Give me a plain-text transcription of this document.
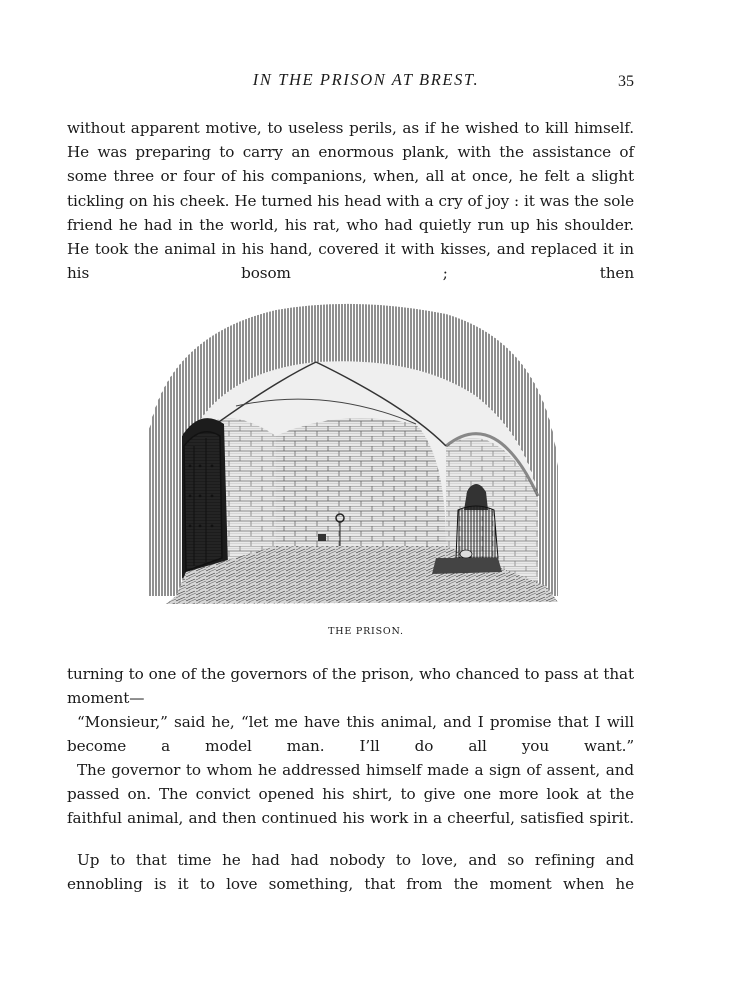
IN THE PRISON AT BREST.	35

without apparent motive, to useless perils, as if he wished to kill himself. He was preparing to carry an enormous plank, with the assistance of some three or four of his companions, when, all at once, he felt a slight tickling on his cheek. He turned his head with a cry of joy : it was the sole friend he had in the world, his rat, who had quietly run up his shoulder. He took the animal in his hand, covered it with kisses, and replaced it in his bosom ; then

THE PRISON.

turning to one of the governors of the prison, who chanced to pass at that moment—

“Monsieur,” said he, “let me have this animal, and I promise that I will become a model man. I’ll do all you want.”

The governor to whom he addressed himself made a sign of assent, and passed on. The convict opened his shirt, to give one more look at the faithful animal, and then continued his work in a cheerful, satisfied spirit.

Up to that time he had had nobody to love, and so refining and ennobling is it to love something, that from the moment when he
